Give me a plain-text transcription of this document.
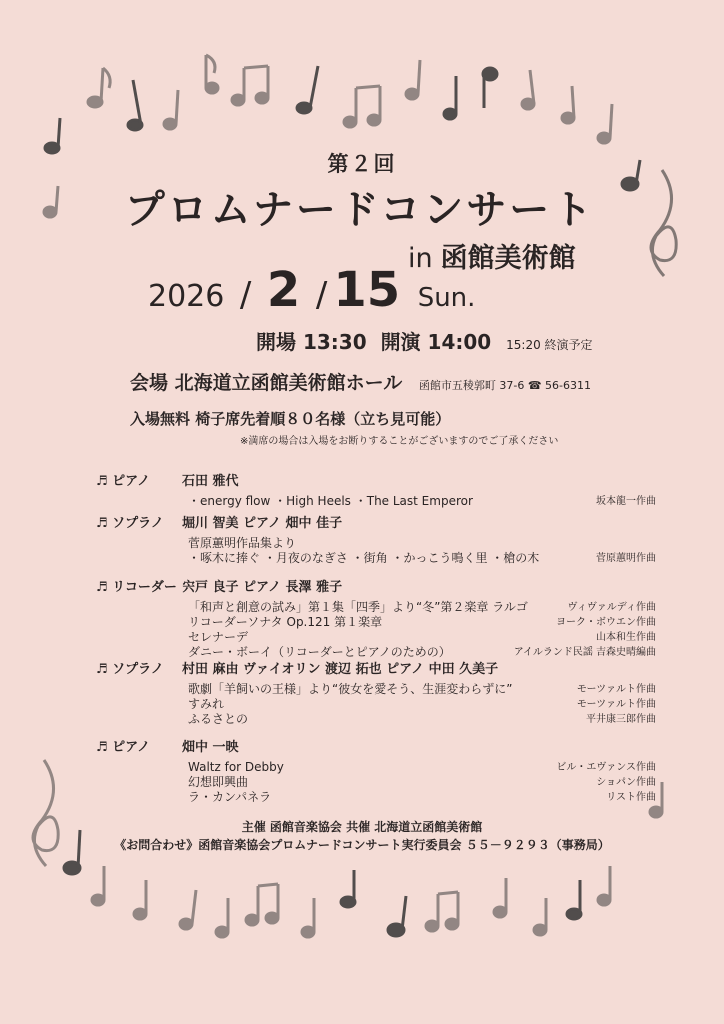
第２回
プロムナードコンサート
in 函館美術館
2026 / 2 / 15 Sun.
開場 13:30 開演 14:00 15:20 終演予定
会場 北海道立函館美術館ホール 函館市五稜郭町 37-6 ☎ 56-6311
入場無料 椅子席先着順８０名様（立ち見可能）
※満席の場合は入場をお断りすることがございますのでご了承ください
♬ ピアノ 石田 雅代
・energy flow ・High Heels ・The Last Emperor	坂本龍一作曲
♬ ソプラノ 堀川 智美 ピアノ 畑中 佳子
菅原蕙明作品集より
・啄木に捧ぐ ・月夜のなぎさ ・街角 ・かっこう鳴く里 ・槍の木	菅原蕙明作曲
♬ リコーダー 宍戸 良子 ピアノ 長澤 雅子
「和声と創意の試み」第１集「四季」より“冬”第２楽章 ラルゴ	ヴィヴァルディ作曲
リコーダーソナタ Op.121 第１楽章	ヨーク・ボウエン作曲
セレナーデ	山本和生作曲
ダニー・ボーイ（リコーダーとピアノのための）	アイルランド民謡 吉森史晴編曲
♬ ソプラノ 村田 麻由 ヴァイオリン 渡辺 拓也 ピアノ 中田 久美子
歌劇「羊飼いの王様」より“彼女を愛そう、生涯変わらずに”	モーツァルト作曲
すみれ	モーツァルト作曲
ふるさとの	平井康三郎作曲
♬ ピアノ 畑中 一映
Waltz for Debby	ビル・エヴァンス作曲
幻想即興曲	ショパン作曲
ラ・カンパネラ	リスト作曲
主催 函館音楽協会 共催 北海道立函館美術館
《お問合わせ》函館音楽協会プロムナードコンサート実行委員会 ５５－９２９３（事務局）
